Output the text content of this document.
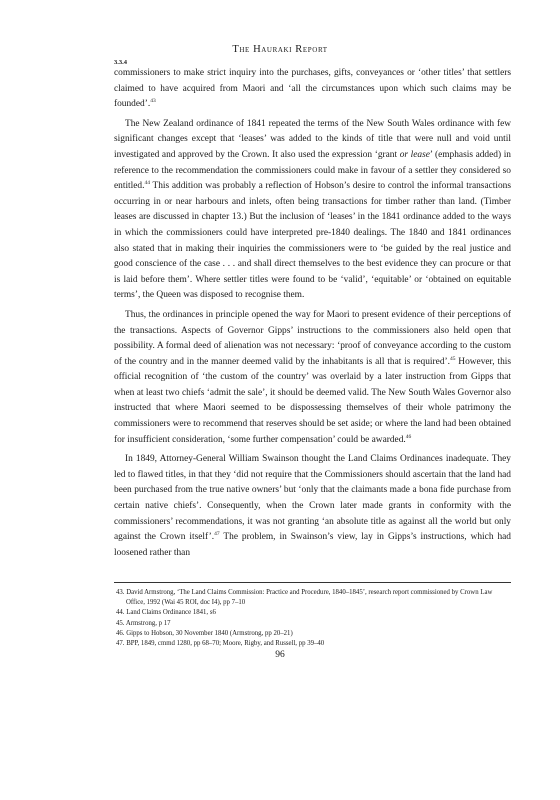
The Hauraki Report
3.3.4

commissioners to make strict inquiry into the purchases, gifts, conveyances or ‘other titles’ that settlers claimed to have acquired from Maori and ‘all the circumstances upon which such claims may be founded’.$^{43}$

The New Zealand ordinance of 1841 repeated the terms of the New South Wales ordinance with few significant changes except that ‘leases’ was added to the kinds of title that were null and void until investigated and approved by the Crown. It also used the expression ‘grant or lease’ (emphasis added) in reference to the recommendation the commissioners could make in favour of a settler they considered so entitled.$^{44}$ This addition was probably a reflection of Hobson’s desire to control the informal transactions occurring in or near harbours and inlets, often being transactions for timber rather than land. (Timber leases are discussed in chapter 13.) But the inclusion of ‘leases’ in the 1841 ordinance added to the ways in which the commissioners could have interpreted pre-1840 dealings. The 1840 and 1841 ordinances also stated that in making their inquiries the commissioners were to ‘be guided by the real justice and good conscience of the case . . . and shall direct themselves to the best evidence they can procure or that is laid before them’. Where settler titles were found to be ‘valid’, ‘equitable’ or ‘obtained on equitable terms’, the Queen was disposed to recognise them.

Thus, the ordinances in principle opened the way for Maori to present evidence of their perceptions of the transactions. Aspects of Governor Gipps’ instructions to the commissioners also held open that possibility. A formal deed of alienation was not necessary: ‘proof of conveyance according to the custom of the country and in the manner deemed valid by the inhabitants is all that is required’.$^{45}$ However, this official recognition of ‘the custom of the country’ was overlaid by a later instruction from Gipps that when at least two chiefs ‘admit the sale’, it should be deemed valid. The New South Wales Governor also instructed that where Maori seemed to be dispossessing themselves of their whole patrimony the commissioners were to recommend that reserves should be set aside; or where the land had been obtained for insufficient consideration, ‘some further compensation’ could be awarded.$^{46}$

In 1849, Attorney-General William Swainson thought the Land Claims Ordinances inadequate. They led to flawed titles, in that they ‘did not require that the Commissioners should ascertain that the land had been purchased from the true native owners’ but ‘only that the claimants made a bona fide purchase from certain native chiefs’. Consequently, when the Crown later made grants in conformity with the commissioners’ recommendations, it was not granting ‘an absolute title as against all the world but only against the Crown itself’.$^{47}$ The problem, in Swainson’s view, lay in Gipps’s instructions, which had loosened rather than

43. David Armstrong, ‘The Land Claims Commission: Practice and Procedure, 1840–1845’, research report commissioned by Crown Law Office, 1992 (Wai 45 ROI, doc I4), pp 7–10

44. Land Claims Ordinance 1841, s6

45. Armstrong, p 17

46. Gipps to Hobson, 30 November 1840 (Armstrong, pp 20–21)

47. BPP, 1849, cmmd 1280, pp 68–70; Moore, Rigby, and Russell, pp 39–40

96
